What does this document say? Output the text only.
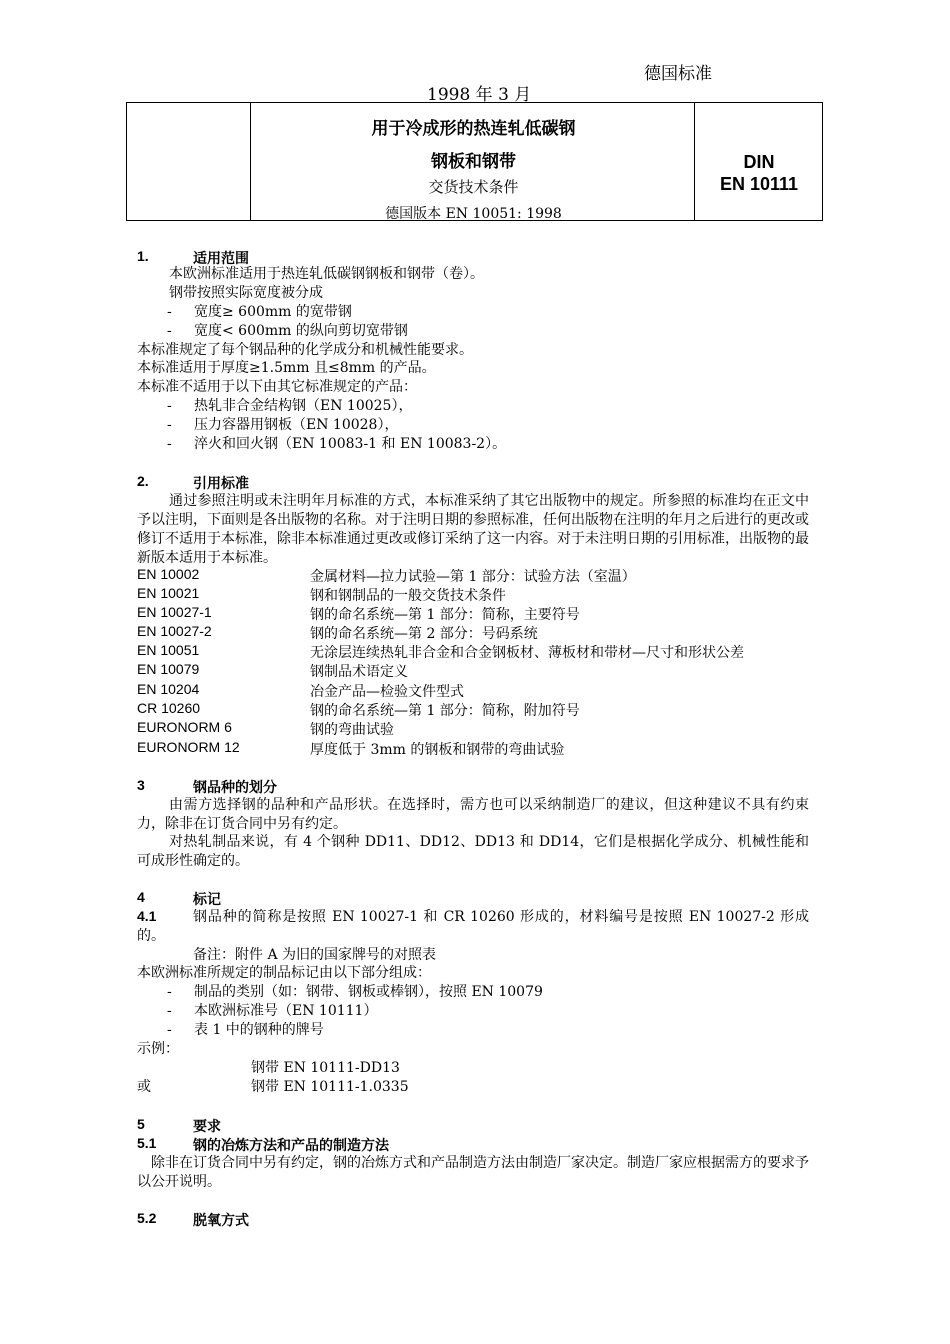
德国标准
1998 年 3 月
用于冷成形的热连轧低碳钢
钢板和钢带
交货技术条件
德国版本 EN 10051: 1998
DIN
EN 10111
1.	适用范围
本欧洲标准适用于热连轧低碳钢钢板和钢带（卷）。
钢带按照实际宽度被分成
- 宽度≥ 600mm 的宽带钢
- 宽度< 600mm 的纵向剪切宽带钢
本标准规定了每个钢品种的化学成分和机械性能要求。
本标准适用于厚度≥1.5mm 且≤8mm 的产品。
本标准不适用于以下由其它标准规定的产品：
- 热轧非合金结构钢（EN 10025），
- 压力容器用钢板（EN 10028），
- 淬火和回火钢（EN 10083-1 和 EN 10083-2）。
2.	引用标准
通过参照注明或未注明年月标准的方式，本标准采纳了其它出版物中的规定。所参照的标准均在正文中予以注明，下面则是各出版物的名称。对于注明日期的参照标准，任何出版物在注明的年月之后进行的更改或修订不适用于本标准，除非本标准通过更改或修订采纳了这一内容。对于未注明日期的引用标准，出版物的最新版本适用于本标准。
EN 10002	金属材料—拉力试验—第 1 部分：试验方法（室温）
EN 10021	钢和钢制品的一般交货技术条件
EN 10027-1	钢的命名系统—第 1 部分：简称，主要符号
EN 10027-2	钢的命名系统—第 2 部分：号码系统
EN 10051	无涂层连续热轧非合金和合金钢板材、薄板材和带材—尺寸和形状公差
EN 10079	钢制品术语定义
EN 10204	冶金产品—检验文件型式
CR 10260	钢的命名系统—第 1 部分：简称，附加符号
EURONORM 6	钢的弯曲试验
EURONORM 12	厚度低于 3mm 的钢板和钢带的弯曲试验
3	钢品种的划分
由需方选择钢的品种和产品形状。在选择时，需方也可以采纳制造厂的建议，但这种建议不具有约束力，除非在订货合同中另有约定。
对热轧制品来说，有 4 个钢种 DD11、DD12、DD13 和 DD14，它们是根据化学成分、机械性能和可成形性确定的。
4	标记
4.1	钢品种的简称是按照 EN 10027-1 和 CR 10260 形成的，材料编号是按照 EN 10027-2 形成的。
备注：附件 A 为旧的国家牌号的对照表
本欧洲标准所规定的制品标记由以下部分组成：
- 制品的类别（如：钢带、钢板或棒钢），按照 EN 10079
- 本欧洲标准号（EN 10111）
- 表 1 中的钢种的牌号
示例：
钢带 EN 10111-DD13
或	钢带 EN 10111-1.0335
5	要求
5.1	钢的冶炼方法和产品的制造方法
除非在订货合同中另有约定，钢的冶炼方式和产品制造方法由制造厂家决定。制造厂家应根据需方的要求予以公开说明。
5.2	脱氧方式
